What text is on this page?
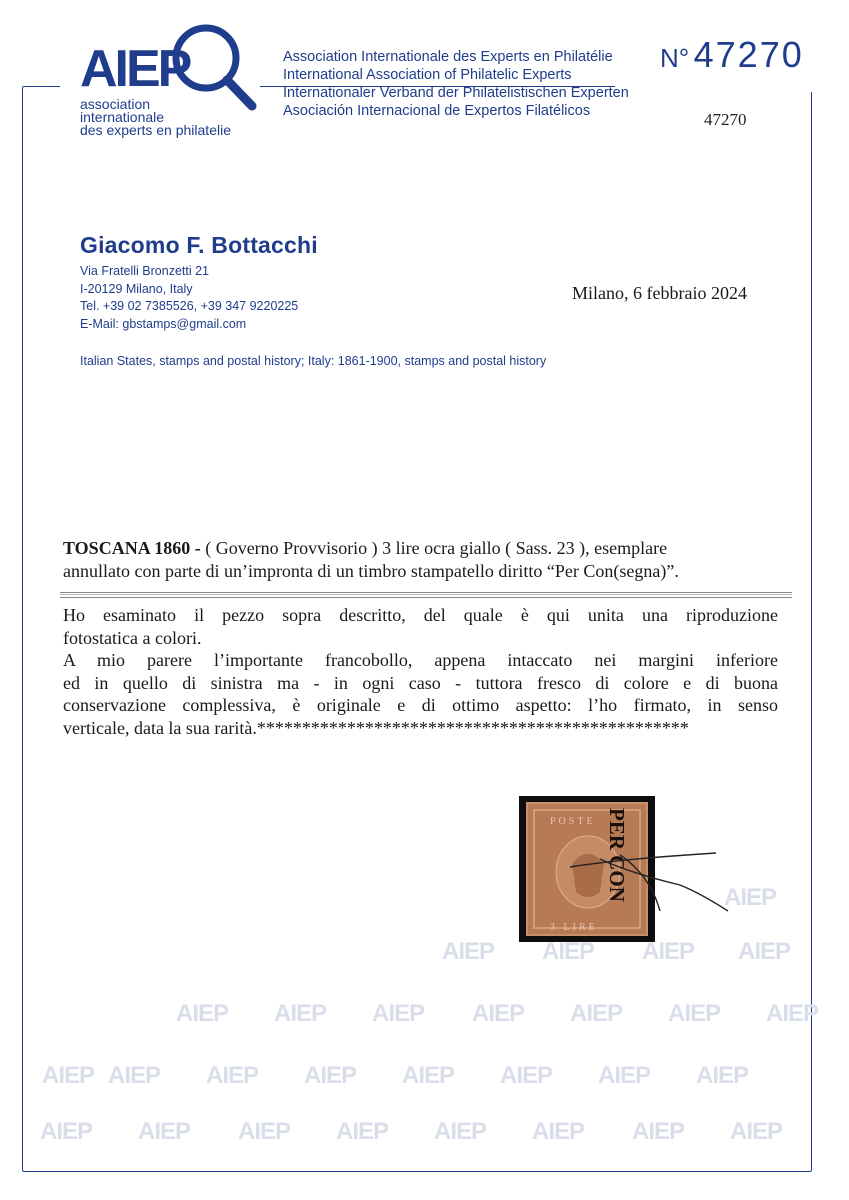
AIEP
association
internationale
des experts en philatelie
Association Internationale des Experts en Philatélie
International Association of Philatelic Experts
Internationaler Verband der Philatelistischen Experten
Asociación Internacional de Expertos Filatélicos
N° 47270
47270
Giacomo F. Bottacchi
Via Fratelli Bronzetti 21
I-20129 Milano, Italy
Tel. +39 02 7385526, +39 347 9220225
E-Mail: gbstamps@gmail.com
Italian States, stamps and postal history; Italy: 1861-1900, stamps and postal history
Milano, 6 febbraio 2024
TOSCANA 1860 - ( Governo Provvisorio ) 3 lire ocra giallo ( Sass. 23 ), esemplare
annullato con parte di un’impronta di un timbro stampatello diritto “Per Con(segna)”.

Ho esaminato il pezzo sopra descritto, del quale è qui unita una riproduzione

fotostatica a colori.

A mio parere l’importante francobollo, appena intaccato nei margini inferiore

ed in quello di sinistra ma - in ogni caso - tuttora fresco di colore e di buona

conservazione complessiva, è originale e di ottimo aspetto: l’ho firmato, in senso

verticale, data la sua rarità.************************************************

POSTE
3 LIRE
PER CON	AIEP
AIEP AIEP AIEP AIEP
AIEP AIEP AIEP AIEP AIEP AIEP AIEP
AIEP AIEP AIEP AIEP AIEP AIEP AIEP AIEP
AIEP AIEP AIEP AIEP AIEP AIEP AIEP AIEP
